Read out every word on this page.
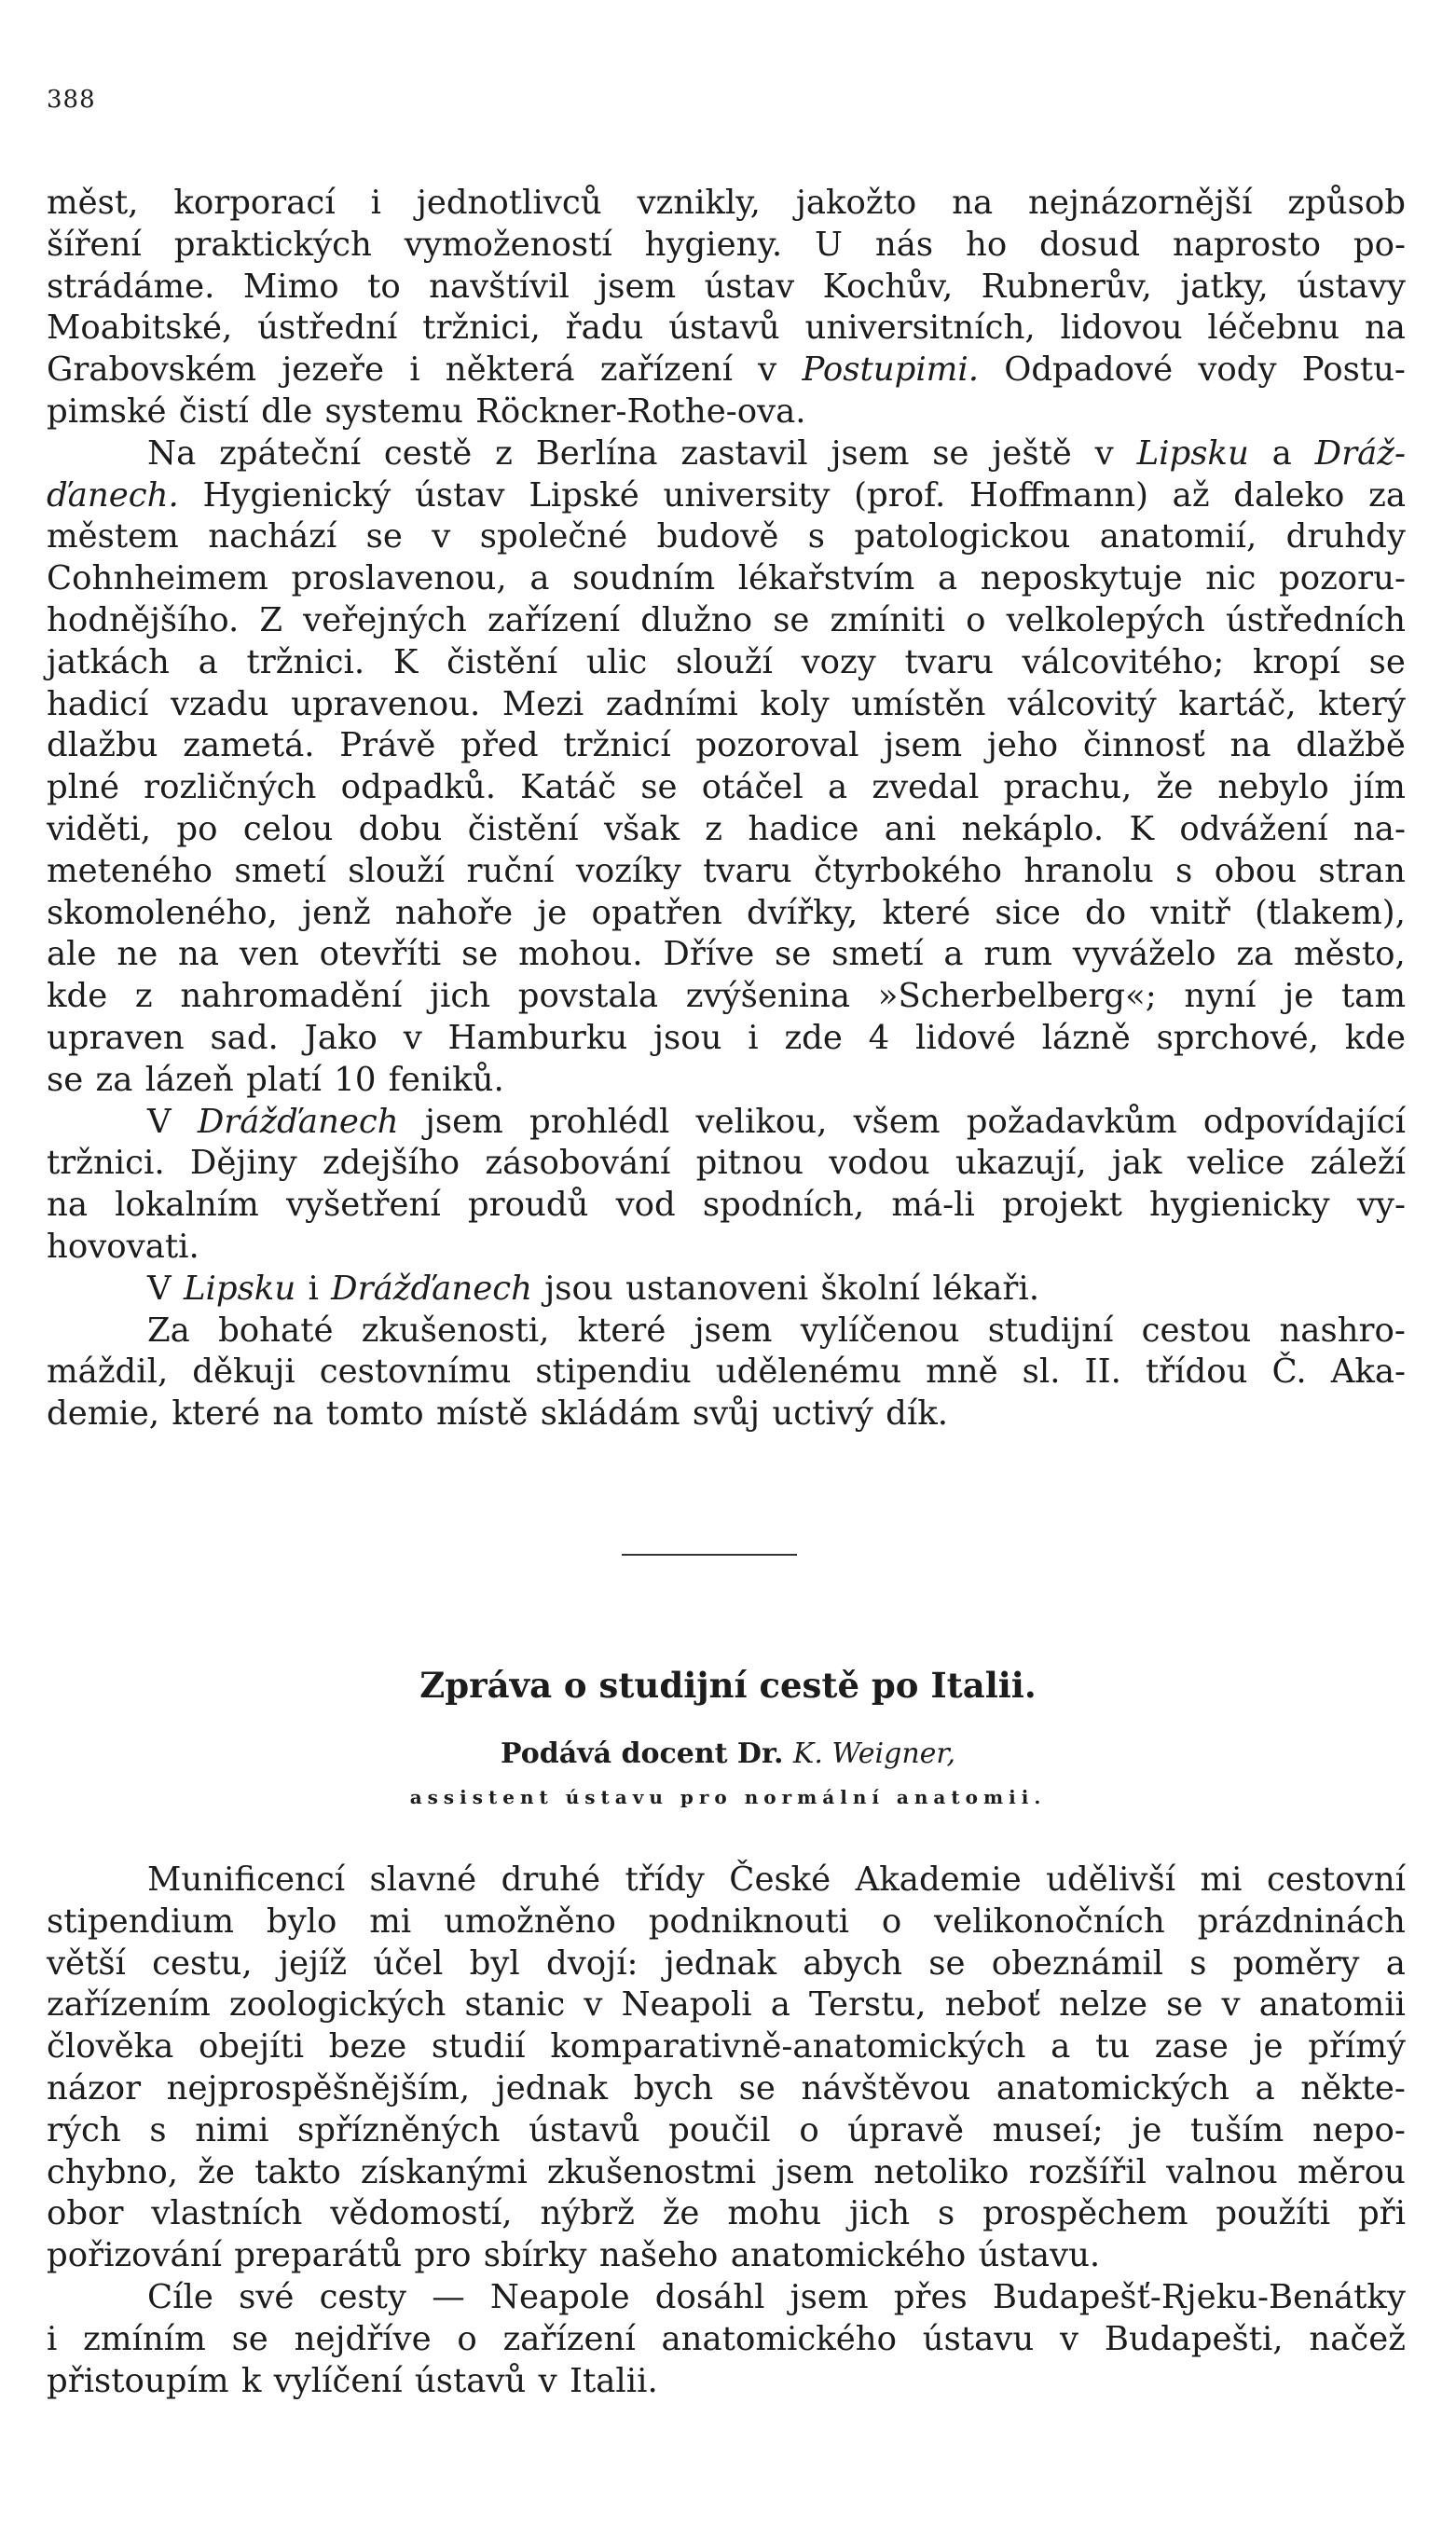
388
měst, korporací i jednotlivců vznikly, jakožto na nejnázornější způsob
šíření praktických vymožeností hygieny. U nás ho dosud naprosto po-
strádáme. Mimo to navštívil jsem ústav Kochův, Rubnerův, jatky, ústavy
Moabitské, ústřední tržnici, řadu ústavů universitních, lidovou léčebnu na
Grabovském jezeře i některá zařízení v Postupimi. Odpadové vody Postu-
pimské
čistí
dle
systemu
Röckner-Rothe-ova.
Na zpáteční cestě z Berlína zastavil jsem se ještě v Lipsku a Dráž-
ďanech. Hygienický ústav Lipské university (prof. Hoffmann) až daleko za
městem nachází se v společné budově s patologickou anatomií, druhdy
Cohnheimem proslavenou, a soudním lékařstvím a neposkytuje nic pozoru-
hodnějšího. Z veřejných zařízení dlužno se zmíniti o velkolepých ústředních
jatkách a tržnici. K čistění ulic slouží vozy tvaru válcovitého; kropí se
hadicí vzadu upravenou. Mezi zadními koly umístěn válcovitý kartáč, který
dlažbu zametá. Právě před tržnicí pozoroval jsem jeho činnosť na dlažbě
plné rozličných odpadků. Katáč se otáčel a zvedal prachu, že nebylo jím
viděti, po celou dobu čistění však z hadice ani nekáplo. K odvážení na-
meteného smetí slouží ruční vozíky tvaru čtyrbokého hranolu s obou stran
skomoleného, jenž nahoře je opatřen dvířky, které sice do vnitř (tlakem),
ale ne na ven otevříti se mohou. Dříve se smetí a rum vyváželo za město,
kde z nahromadění jich povstala zvýšenina »Scherbelberg«; nyní je tam
upraven sad. Jako v Hamburku jsou i zde 4 lidové lázně sprchové, kde
se
za
lázeň
platí
10
feniků.
V Drážďanech jsem prohlédl velikou, všem požadavkům odpovídající
tržnici. Dějiny zdejšího zásobování pitnou vodou ukazují, jak velice záleží
na lokalním vyšetření proudů vod spodních, má-li projekt hygienicky vy-
hovovati.
V
Lipsku
i
Drážďanech
jsou
ustanoveni
školní
lékaři.
Za bohaté zkušenosti, které jsem vylíčenou studijní cestou nashro-
máždil, děkuji cestovnímu stipendiu udělenému mně sl. II. třídou Č. Aka-
demie,
které
na
tomto
místě
skládám
svůj
uctivý
dík.
Zpráva o studijní cestě po Italii.
Podává docent Dr. K. Weigner,
assistent ústavu pro normální anatomii.
Munificencí slavné druhé třídy České Akademie udělivší mi cestovní
stipendium bylo mi umožněno podniknouti o velikonočních prázdninách
větší cestu, jejíž účel byl dvojí: jednak abych se obeznámil s poměry a
zařízením zoologických stanic v Neapoli a Terstu, neboť nelze se v anatomii
člověka obejíti beze studií komparativně-anatomických a tu zase je přímý
názor nejprospěšnějším, jednak bych se návštěvou anatomických a někte-
rých s nimi spřízněných ústavů poučil o úpravě museí; je tuším nepo-
chybno, že takto získanými zkušenostmi jsem netoliko rozšířil valnou měrou
obor vlastních vědomostí, nýbrž že mohu jich s prospěchem použíti při
pořizování
preparátů
pro
sbírky
našeho
anatomického
ústavu.
Cíle své cesty — Neapole dosáhl jsem přes Budapešť-Rjeku-Benátky
i zmíním se nejdříve o zařízení anatomického ústavu v Budapešti, načež
přistoupím
k
vylíčení
ústavů
v
Italii.
